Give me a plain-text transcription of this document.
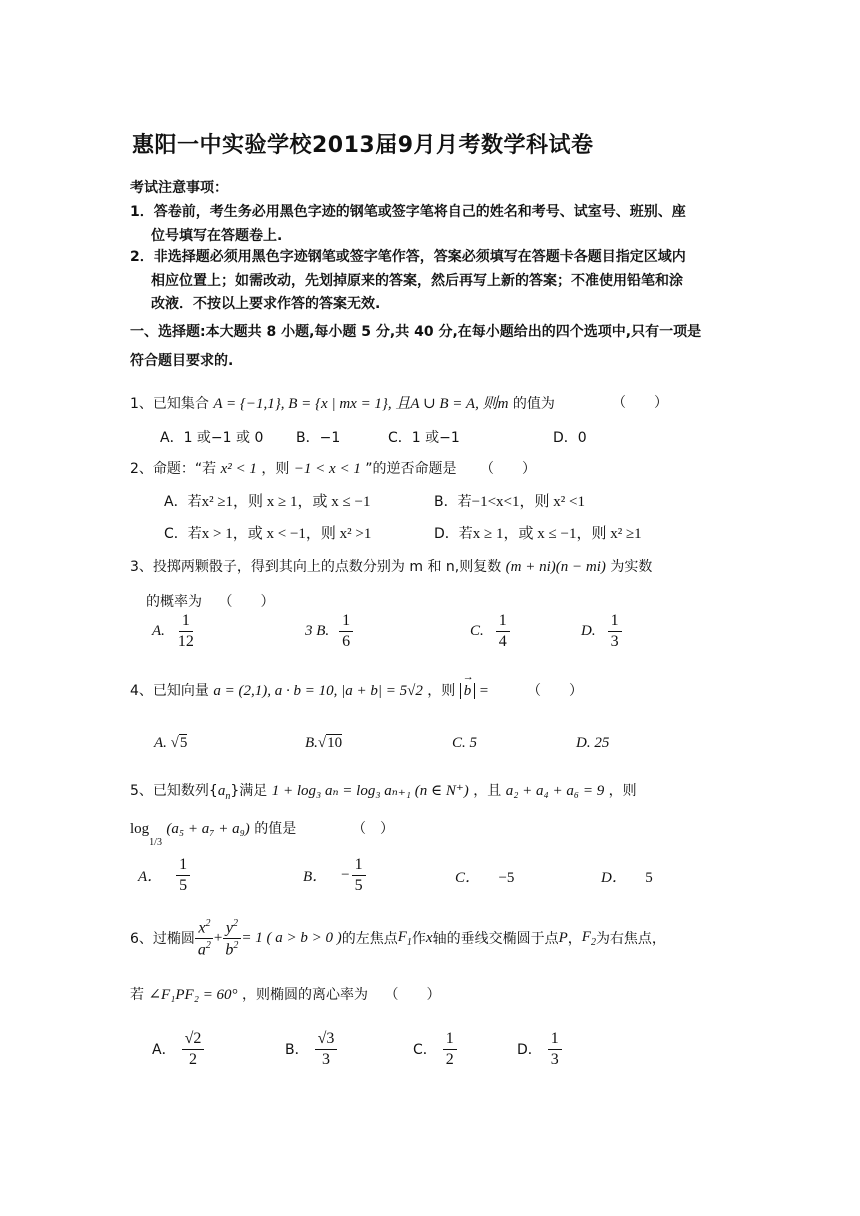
惠阳一中实验学校2013届9月月考数学科试卷
考试注意事项：
1．答卷前，考生务必用黑色字迹的钢笔或签字笔将自己的姓名和考号、试室号、班别、座
位号填写在答题卷上.
2．非选择题必须用黑色字迹钢笔或签字笔作答，答案必须填写在答题卡各题目指定区域内
相应位置上；如需改动，先划掉原来的答案，然后再写上新的答案；不准使用铅笔和涂
改液．不按以上要求作答的答案无效.
一、选择题:本大题共 8 小题,每小题 5 分,共 40 分,在每小题给出的四个选项中,只有一项是
符合题目要求的.
1、已知集合 A = {−1,1}, B = {x | mx = 1}, 且A ∪ B = A, 则m 的值为	（　　）
A．1 或−1 或 0 B．−1	C．1 或−1	D．0
2、命题：“若 x² < 1 ，则 −1 < x < 1 ”的逆否命题是 （　　）
A．若x² ≥1，则 x ≥ 1，或 x ≤ −1	B．若−1<x<1，则 x² <1
C．若x > 1，或 x < −1，则 x² >1	D．若x ≥ 1，或 x ≤ −1，则 x² ≥1
3、投掷两颗骰子，得到其向上的点数分别为 m 和 n,则复数 (m + ni)(n − mi) 为实数
的概率为 （　　）
A. $\frac{1}{12}$	3 B. $\frac{1}{6}$	C. $\frac{1}{4}$	D. $\frac{1}{3}$
4、已知向量 a = (2,1), a · b = 10, |a + b| = 5√2 ，则 → b =	（　　）
A. √5	B.√10	C. 5	D. 25
5、已知数列$\{a_n\}$满足 1 + log₃ aₙ = log₃ aₙ₊₁ (n ∈ N⁺) ，且 a₂ + a₄ + a₆ = 9 ，则
$\log_{1/3} (a_5 + a_7 + a_9)$ 的值是	（　）
A． $\frac{1}{5}$	B． − $\frac{1}{5}$	C． −5	D． 5
6、过椭圆 $\frac{x^2}{a^2} + \frac{y^2}{b^2} = 1$ ( a > b > 0 ) 的左焦点 $F_1$ 作 x 轴的垂线交椭圆于点 P ， $F_2$ 为右焦点，
若 ∠F₁PF₂ = 60° ，则椭圆的离心率为 （　　）
A． $\frac{√2}{2}$	B． $\frac{√3}{3}$	C． $\frac{1}{2}$	D． $\frac{1}{3}$
